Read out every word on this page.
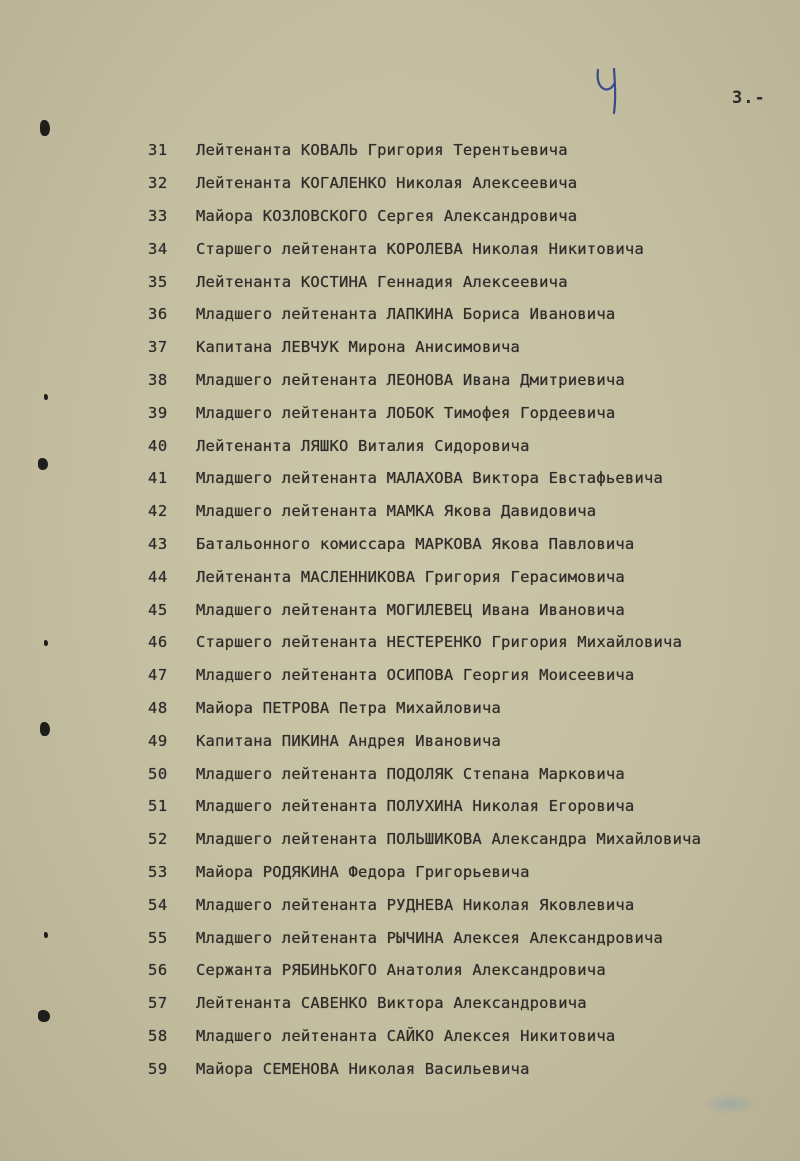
3.-
31	Лейтенанта КОВАЛЬ Григория Терентьевича
32	Лейтенанта КОГАЛЕНКО Николая Алексеевича
33	Майора КОЗЛОВСКОГО Сергея Александровича
34	Старшего лейтенанта КОРОЛЕВА Николая Никитовича
35	Лейтенанта КОСТИНА Геннадия Алексеевича
36	Младшего лейтенанта ЛАПКИНА Бориса Ивановича
37	Капитана ЛЕВЧУК Мирона Анисимовича
38	Младшего лейтенанта ЛЕОНОВА Ивана Дмитриевича
39	Младшего лейтенанта ЛОБОК Тимофея Гордеевича
40	Лейтенанта ЛЯШКО Виталия Сидоровича
41	Младшего лейтенанта МАЛАХОВА Виктора Евстафьевича
42	Младшего лейтенанта МАМКА Якова Давидовича
43	Батальонного комиссара МАРКОВА Якова Павловича
44	Лейтенанта МАСЛЕННИКОВА Григория Герасимовича
45	Младшего лейтенанта МОГИЛЕВЕЦ Ивана Ивановича
46	Старшего лейтенанта НЕСТЕРЕНКО Григория Михайловича
47	Младшего лейтенанта ОСИПОВА Георгия Моисеевича
48	Майора ПЕТРОВА Петра Михайловича
49	Капитана ПИКИНА Андрея Ивановича
50	Младшего лейтенанта ПОДОЛЯК Степана Марковича
51	Младшего лейтенанта ПОЛУХИНА Николая Егоровича
52	Младшего лейтенанта ПОЛЬШИКОВА Александра Михайловича
53	Майора РОДЯКИНА Федора Григорьевича
54	Младшего лейтенанта РУДНЕВА Николая Яковлевича
55	Младшего лейтенанта РЫЧИНА Алексея Александровича
56	Сержанта РЯБИНЬКОГО Анатолия Александровича
57	Лейтенанта САВЕНКО Виктора Александровича
58	Младшего лейтенанта САЙКО Алексея Никитовича
59	Майора СЕМЕНОВА Николая Васильевича
